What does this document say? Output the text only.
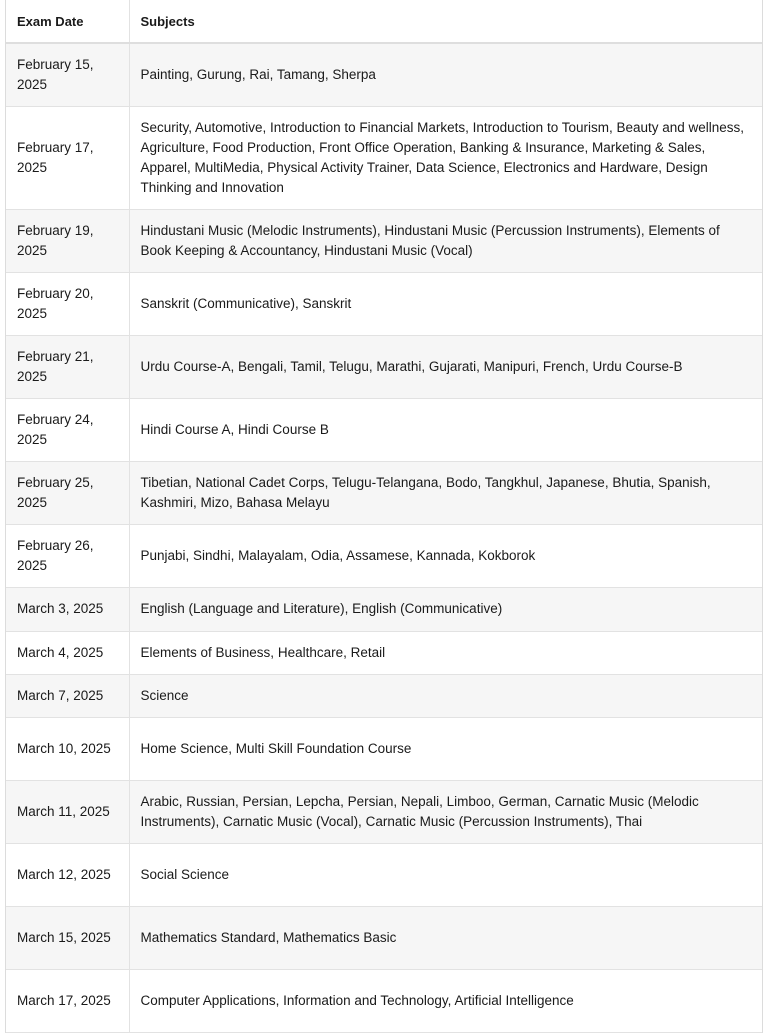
Exam Date	Subjects
February 15, 2025	Painting, Gurung, Rai, Tamang, Sherpa
February 17, 2025	Security, Automotive, Introduction to Financial Markets, Introduction to Tourism, Beauty and wellness, Agriculture, Food Production, Front Office Operation, Banking & Insurance, Marketing & Sales, Apparel, MultiMedia, Physical Activity Trainer, Data Science, Electronics and Hardware, Design Thinking and Innovation
February 19, 2025	Hindustani Music (Melodic Instruments), Hindustani Music (Percussion Instruments), Elements of Book Keeping & Accountancy, Hindustani Music (Vocal)
February 20, 2025	Sanskrit (Communicative), Sanskrit
February 21, 2025	Urdu Course-A, Bengali, Tamil, Telugu, Marathi, Gujarati, Manipuri, French, Urdu Course-B
February 24, 2025	Hindi Course A, Hindi Course B
February 25, 2025	Tibetian, National Cadet Corps, Telugu-Telangana, Bodo, Tangkhul, Japanese, Bhutia, Spanish, Kashmiri, Mizo, Bahasa Melayu
February 26, 2025	Punjabi, Sindhi, Malayalam, Odia, Assamese, Kannada, Kokborok
March 3, 2025	English (Language and Literature), English (Communicative)
March 4, 2025	Elements of Business, Healthcare, Retail
March 7, 2025	Science
March 10, 2025	Home Science, Multi Skill Foundation Course
March 11, 2025	Arabic, Russian, Persian, Lepcha, Persian, Nepali, Limboo, German, Carnatic Music (Melodic Instruments), Carnatic Music (Vocal), Carnatic Music (Percussion Instruments), Thai
March 12, 2025	Social Science
March 15, 2025	Mathematics Standard, Mathematics Basic
March 17, 2025	Computer Applications, Information and Technology, Artificial Intelligence
